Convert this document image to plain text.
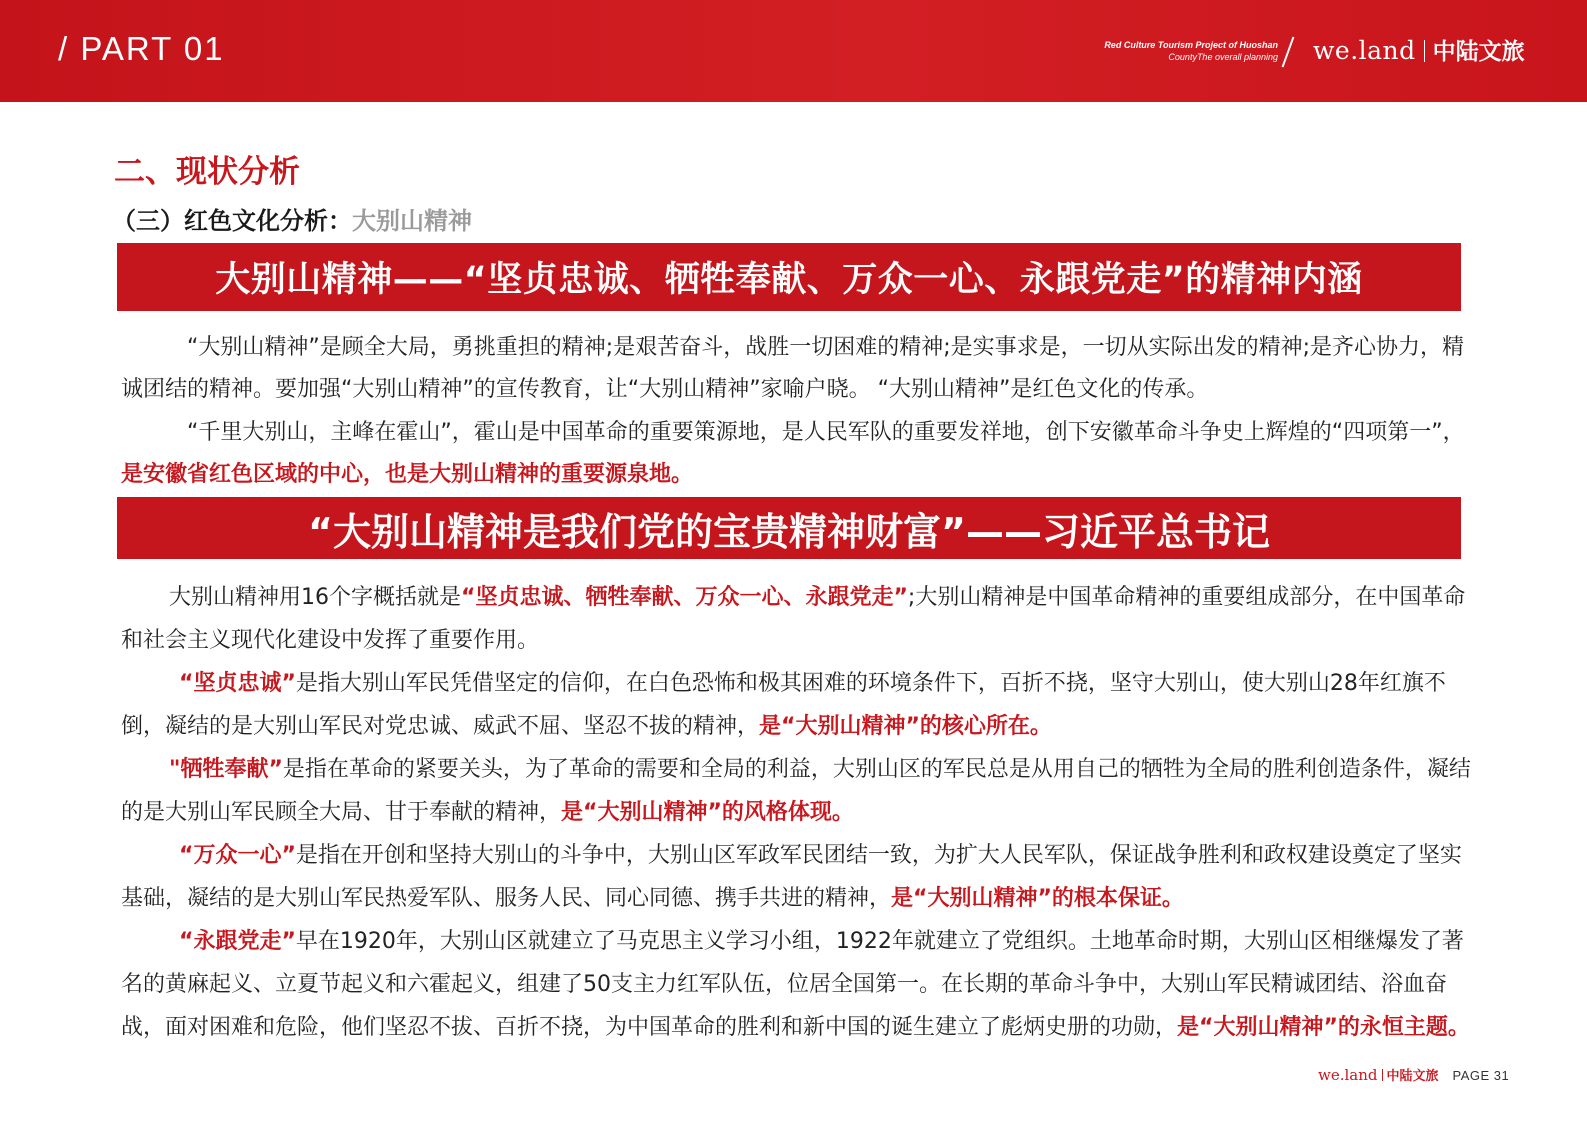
/ PART 01	Red Culture Tourism Project of Huoshan
CountyThe overall planning we.land 中陆文旅
二、现状分析
（三）红色文化分析：大别山精神
大别山精神——“坚贞忠诚、牺牲奉献、万众一心、永跟党走”的精神内涵

“大别山精神”是顾全大局，勇挑重担的精神;是艰苦奋斗，战胜一切困难的精神;是实事求是，一切从实际出发的精神;是齐心协力，精诚团结的精神。要加强“大别山精神”的宣传教育，让“大别山精神”家喻户晓。 “大别山精神”是红色文化的传承。

“千里大别山，主峰在霍山”，霍山是中国革命的重要策源地，是人民军队的重要发祥地，创下安徽革命斗争史上辉煌的“四项第一”，是安徽省红色区域的中心，也是大别山精神的重要源泉地。

“大别山精神是我们党的宝贵精神财富”——习近平总书记

大别山精神用16个字概括就是“坚贞忠诚、牺牲奉献、万众一心、永跟党走”;大别山精神是中国革命精神的重要组成部分，在中国革命和社会主义现代化建设中发挥了重要作用。

“坚贞忠诚”是指大别山军民凭借坚定的信仰，在白色恐怖和极其困难的环境条件下，百折不挠，坚守大别山，使大别山28年红旗不倒，凝结的是大别山军民对党忠诚、威武不屈、坚忍不拔的精神，是“大别山精神”的核心所在。

"牺牲奉献”是指在革命的紧要关头，为了革命的需要和全局的利益，大别山区的军民总是从用自己的牺牲为全局的胜利创造条件，凝结的是大别山军民顾全大局、甘于奉献的精神，是“大别山精神”的风格体现。

“万众一心”是指在开创和坚持大别山的斗争中，大别山区军政军民团结一致，为扩大人民军队，保证战争胜利和政权建设奠定了坚实基础，凝结的是大别山军民热爱军队、服务人民、同心同德、携手共进的精神，是“大别山精神”的根本保证。

“永跟党走”早在1920年，大别山区就建立了马克思主义学习小组，1922年就建立了党组织。土地革命时期，大别山区相继爆发了著名的黄麻起义、立夏节起义和六霍起义，组建了50支主力红军队伍，位居全国第一。在长期的革命斗争中，大别山军民精诚团结、浴血奋战，面对困难和危险，他们坚忍不拔、百折不挠，为中国革命的胜利和新中国的诞生建立了彪炳史册的功勋，是“大别山精神”的永恒主题。

we.land 中陆文旅 PAGE 31
